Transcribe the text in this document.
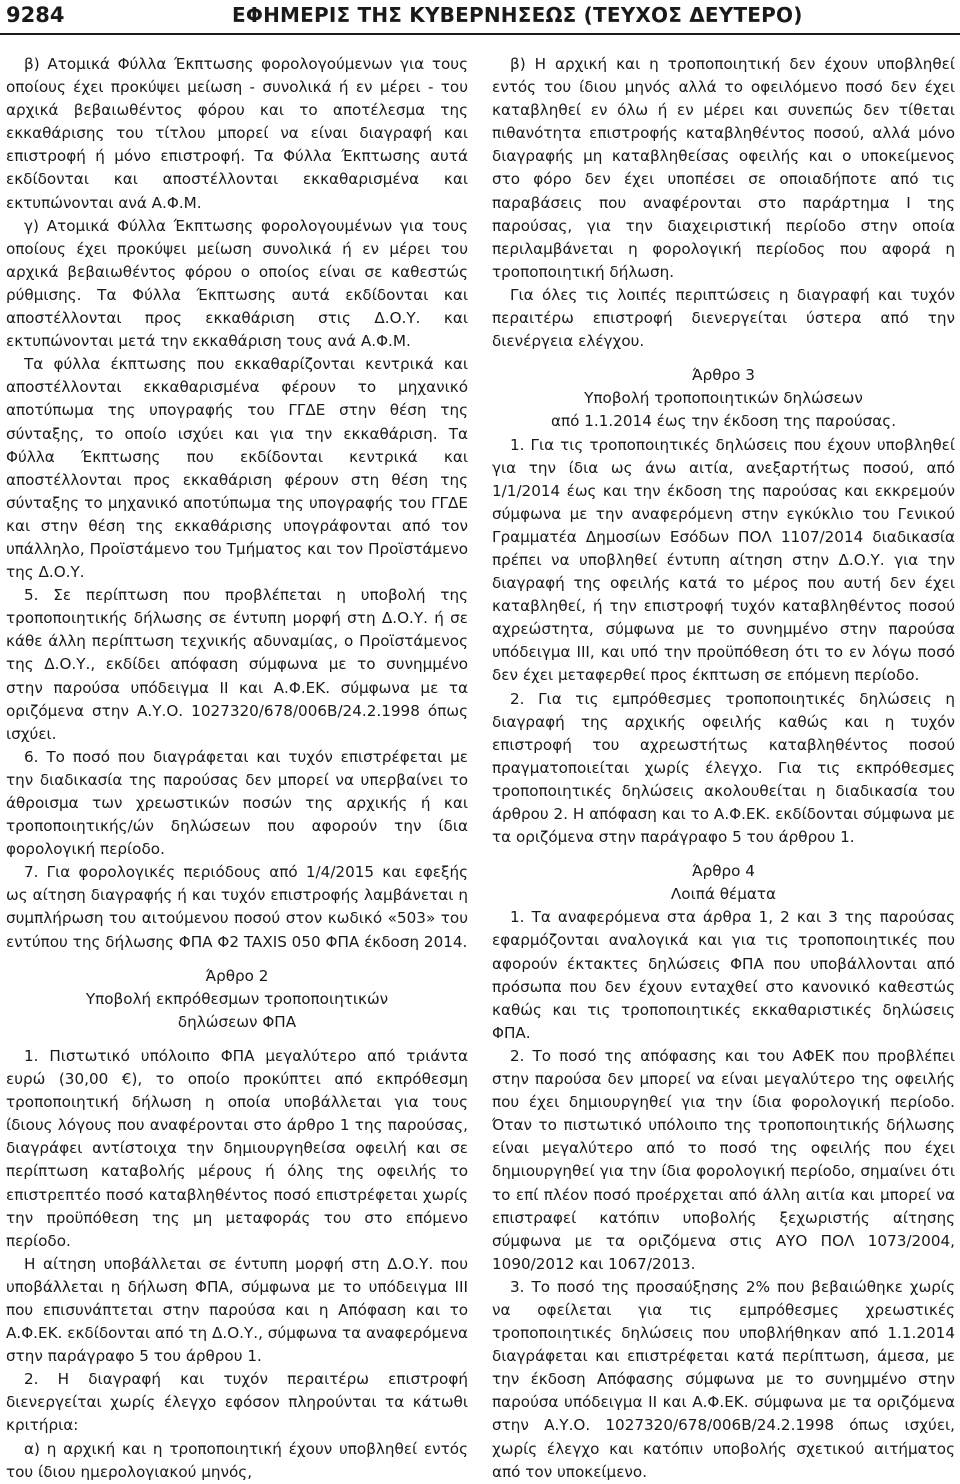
9284	ΕΦΗΜΕΡΙΣ ΤΗΣ ΚΥΒΕΡΝΗΣΕΩΣ (ΤΕΥΧΟΣ ΔΕΥΤΕΡΟ)

β) Ατομικά Φύλλα Έκπτωσης φορολογούμενων για τους οποίους έχει προκύψει μείωση - συνολικά ή εν μέρει - του αρχικά βεβαιωθέντος φόρου και το αποτέλεσμα της εκκαθάρισης του τίτλου μπορεί να είναι διαγραφή και επιστροφή ή μόνο επιστροφή. Τα Φύλλα Έκπτωσης αυτά εκδίδονται και αποστέλλονται εκκαθαρισμένα και εκτυπώνονται ανά Α.Φ.Μ.

γ) Ατομικά Φύλλα Έκπτωσης φορολογουμένων για τους οποίους έχει προκύψει μείωση συνολικά ή εν μέρει του αρχικά βεβαιωθέντος φόρου ο οποίος είναι σε καθεστώς ρύθμισης. Τα Φύλλα Έκπτωσης αυτά εκδίδονται και αποστέλλονται προς εκκαθάριση στις Δ.Ο.Υ. και εκτυπώνονται μετά την εκκαθάριση τους ανά Α.Φ.Μ.

Τα φύλλα έκπτωσης που εκκαθαρίζονται κεντρικά και αποστέλλονται εκκαθαρισμένα φέρουν το μηχανικό αποτύπωμα της υπογραφής του ΓΓΔΕ στην θέση της σύνταξης, το οποίο ισχύει και για την εκκαθάριση. Τα Φύλλα Έκπτωσης που εκδίδονται κεντρικά και αποστέλλονται προς εκκαθάριση φέρουν στη θέση της σύνταξης το μηχανικό αποτύπωμα της υπογραφής του ΓΓΔΕ και στην θέση της εκκαθάρισης υπογράφονται από τον υπάλληλο, Προϊστάμενο του Τμήματος και τον Προϊστάμενο της Δ.Ο.Υ.

5. Σε περίπτωση που προβλέπεται η υποβολή της τροποποιητικής δήλωσης σε έντυπη μορφή στη Δ.Ο.Υ. ή σε κάθε άλλη περίπτωση τεχνικής αδυναμίας, ο Προϊστάμενος της Δ.Ο.Υ., εκδίδει απόφαση σύμφωνα με το συνημμένο στην παρούσα υπόδειγμα ΙΙ και Α.Φ.ΕΚ. σύμφωνα με τα οριζόμενα στην Α.Υ.Ο. 1027320/678/006Β/24.2.1998 όπως ισχύει.

6. Το ποσό που διαγράφεται και τυχόν επιστρέφεται με την διαδικασία της παρούσας δεν μπορεί να υπερβαίνει το άθροισμα των χρεωστικών ποσών της αρχικής ή και τροποποιητικής/ών δηλώσεων που αφορούν την ίδια φορολογική περίοδο.

7. Για φορολογικές περιόδους από 1/4/2015 και εφεξής ως αίτηση διαγραφής ή και τυχόν επιστροφής λαμβάνεται η συμπλήρωση του αιτούμενου ποσού στον κωδικό «503» του εντύπου της δήλωσης ΦΠΑ Φ2 TAXIS 050 ΦΠΑ έκδοση 2014.

Άρθρο 2
Υποβολή εκπρόθεσμων τροποποιητικών
δηλώσεων ΦΠΑ

1. Πιστωτικό υπόλοιπο ΦΠΑ μεγαλύτερο από τριάντα ευρώ (30,00 €), το οποίο προκύπτει από εκπρόθεσμη τροποποιητική δήλωση η οποία υποβάλλεται για τους ίδιους λόγους που αναφέρονται στο άρθρο 1 της παρούσας, διαγράφει αντίστοιχα την δημιουργηθείσα οφειλή και σε περίπτωση καταβολής μέρους ή όλης της οφειλής το επιστρεπτέο ποσό καταβληθέντος ποσό επιστρέφεται χωρίς την προϋπόθεση της μη μεταφοράς του στο επόμενο περίοδο.

Η αίτηση υποβάλλεται σε έντυπη μορφή στη Δ.Ο.Υ. που υποβάλλεται η δήλωση ΦΠΑ, σύμφωνα με το υπόδειγμα ΙΙΙ που επισυνάπτεται στην παρούσα και η Απόφαση και το Α.Φ.ΕΚ. εκδίδονται από τη Δ.Ο.Υ., σύμφωνα τα αναφερόμενα στην παράγραφο 5 του άρθρου 1.

2. Η διαγραφή και τυχόν περαιτέρω επιστροφή διενεργείται χωρίς έλεγχο εφόσον πληρούνται τα κάτωθι κριτήρια:

α) η αρχική και η τροποποιητική έχουν υποβληθεί εντός του ίδιου ημερολογιακού μηνός,

β) Η αρχική και η τροποποιητική δεν έχουν υποβληθεί εντός του ίδιου μηνός αλλά το οφειλόμενο ποσό δεν έχει καταβληθεί εν όλω ή εν μέρει και συνεπώς δεν τίθεται πιθανότητα επιστροφής καταβληθέντος ποσού, αλλά μόνο διαγραφής μη καταβληθείσας οφειλής και ο υποκείμενος στο φόρο δεν έχει υποπέσει σε οποιαδήποτε από τις παραβάσεις που αναφέρονται στο παράρτημα Ι της παρούσας, για την διαχειριστική περίοδο στην οποία περιλαμβάνεται η φορολογική περίοδος που αφορά η τροποποιητική δήλωση.

Για όλες τις λοιπές περιπτώσεις η διαγραφή και τυχόν περαιτέρω επιστροφή διενεργείται ύστερα από την διενέργεια ελέγχου.

Άρθρο 3
Υποβολή τροποποιητικών δηλώσεων
από 1.1.2014 έως την έκδοση της παρούσας.

1. Για τις τροποποιητικές δηλώσεις που έχουν υποβληθεί για την ίδια ως άνω αιτία, ανεξαρτήτως ποσού, από 1/1/2014 έως και την έκδοση της παρούσας και εκκρεμούν σύμφωνα με την αναφερόμενη στην εγκύκλιο του Γενικού Γραμματέα Δημοσίων Εσόδων ΠΟΛ 1107/2014 διαδικασία πρέπει να υποβληθεί έντυπη αίτηση στην Δ.Ο.Υ. για την διαγραφή της οφειλής κατά το μέρος που αυτή δεν έχει καταβληθεί, ή την επιστροφή τυχόν καταβληθέντος ποσού αχρεώστητα, σύμφωνα με το συνημμένο στην παρούσα υπόδειγμα ΙΙΙ, και υπό την προϋπόθεση ότι το εν λόγω ποσό δεν έχει μεταφερθεί προς έκπτωση σε επόμενη περίοδο.

2. Για τις εμπρόθεσμες τροποποιητικές δηλώσεις η διαγραφή της αρχικής οφειλής καθώς και η τυχόν επιστροφή του αχρεωστήτως καταβληθέντος ποσού πραγματοποιείται χωρίς έλεγχο. Για τις εκπρόθεσμες τροποποιητικές δηλώσεις ακολουθείται η διαδικασία του άρθρου 2. Η απόφαση και το Α.Φ.ΕΚ. εκδίδονται σύμφωνα με τα οριζόμενα στην παράγραφο 5 του άρθρου 1.

Άρθρο 4
Λοιπά θέματα

1. Τα αναφερόμενα στα άρθρα 1, 2 και 3 της παρούσας εφαρμόζονται αναλογικά και για τις τροποποιητικές που αφορούν έκτακτες δηλώσεις ΦΠΑ που υποβάλλονται από πρόσωπα που δεν έχουν ενταχθεί στο κανονικό καθεστώς καθώς και τις τροποποιητικές εκκαθαριστικές δηλώσεις ΦΠΑ.

2. Το ποσό της απόφασης και του ΑΦΕΚ που προβλέπει στην παρούσα δεν μπορεί να είναι μεγαλύτερο της οφειλής που έχει δημιουργηθεί για την ίδια φορολογική περίοδο. Όταν το πιστωτικό υπόλοιπο της τροποποιητικής δήλωσης είναι μεγαλύτερο από το ποσό της οφειλής που έχει δημιουργηθεί για την ίδια φορολογική περίοδο, σημαίνει ότι το επί πλέον ποσό προέρχεται από άλλη αιτία και μπορεί να επιστραφεί κατόπιν υποβολής ξεχωριστής αίτησης σύμφωνα με τα οριζόμενα στις ΑΥΟ ΠΟΛ 1073/2004, 1090/2012 και 1067/2013.

3. Το ποσό της προσαύξησης 2% που βεβαιώθηκε χωρίς να οφείλεται για τις εμπρόθεσμες χρεωστικές τροποποιητικές δηλώσεις που υποβλήθηκαν από 1.1.2014 διαγράφεται και επιστρέφεται κατά περίπτωση, άμεσα, με την έκδοση Απόφασης σύμφωνα με το συνημμένο στην παρούσα υπόδειγμα ΙΙ και Α.Φ.ΕΚ. σύμφωνα με τα οριζόμενα στην Α.Υ.Ο. 1027320/678/006Β/24.2.1998 όπως ισχύει, χωρίς έλεγχο και κατόπιν υποβολής σχετικού αιτήματος από τον υποκείμενο.
